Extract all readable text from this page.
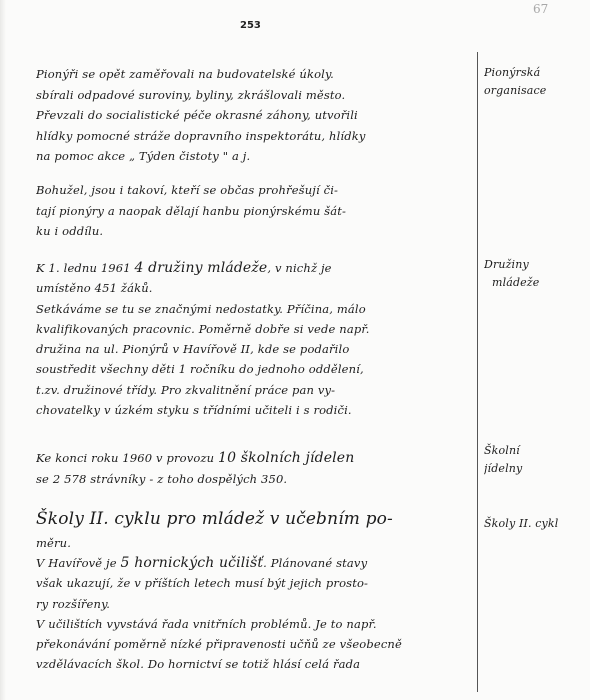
253
67
Pionýři se opět zaměřovali na budovatelské úkoly.
sbírali odpadové suroviny, byliny, zkrášlovali město.
Převzali do socialistické péče okrasné záhony, utvořili
hlídky pomocné stráže dopravního inspektorátu, hlídky
na pomoc akce „ Týden čistoty " a j.
Bohužel, jsou i takoví, kteří se občas prohřešují či-
tají pionýry a naopak dělají hanbu pionýrskému šát-
ku i oddílu.
K 1. lednu 1961 4 družiny mládeže, v nichž je
umístěno 451 žáků.
Setkáváme se tu se značnými nedostatky. Příčina, málo
kvalifikovaných pracovnic. Poměrně dobře si vede např.
družina na ul. Pionýrů v Havířově II, kde se podařilo
soustředit všechny děti 1 ročníku do jednoho oddělení,
t.zv. družinové třídy. Pro zkvalitnění práce pan vy-
chovatelky v úzkém styku s třídními učiteli i s rodiči.
Ke konci roku 1960 v provozu 10 školních jídelen
se 2 578 strávníky - z toho dospělých 350.
Školy II. cyklu pro mládež v učebním po-
měru.
V Havířově je 5 hornických učilišť. Plánované stavy
však ukazují, že v příštích letech musí být jejich prosto-
ry rozšířeny.
V učilištích vyvstává řada vnitřních problémů. Je to např.
překonávání poměrně nízké připravenosti učňů ze všeobecně
vzdělávacích škol. Do hornictví se totiž hlásí celá řada
Pionýrská
organisace
Družiny
mládeže
Školní
jídelny
Školy II. cykl
